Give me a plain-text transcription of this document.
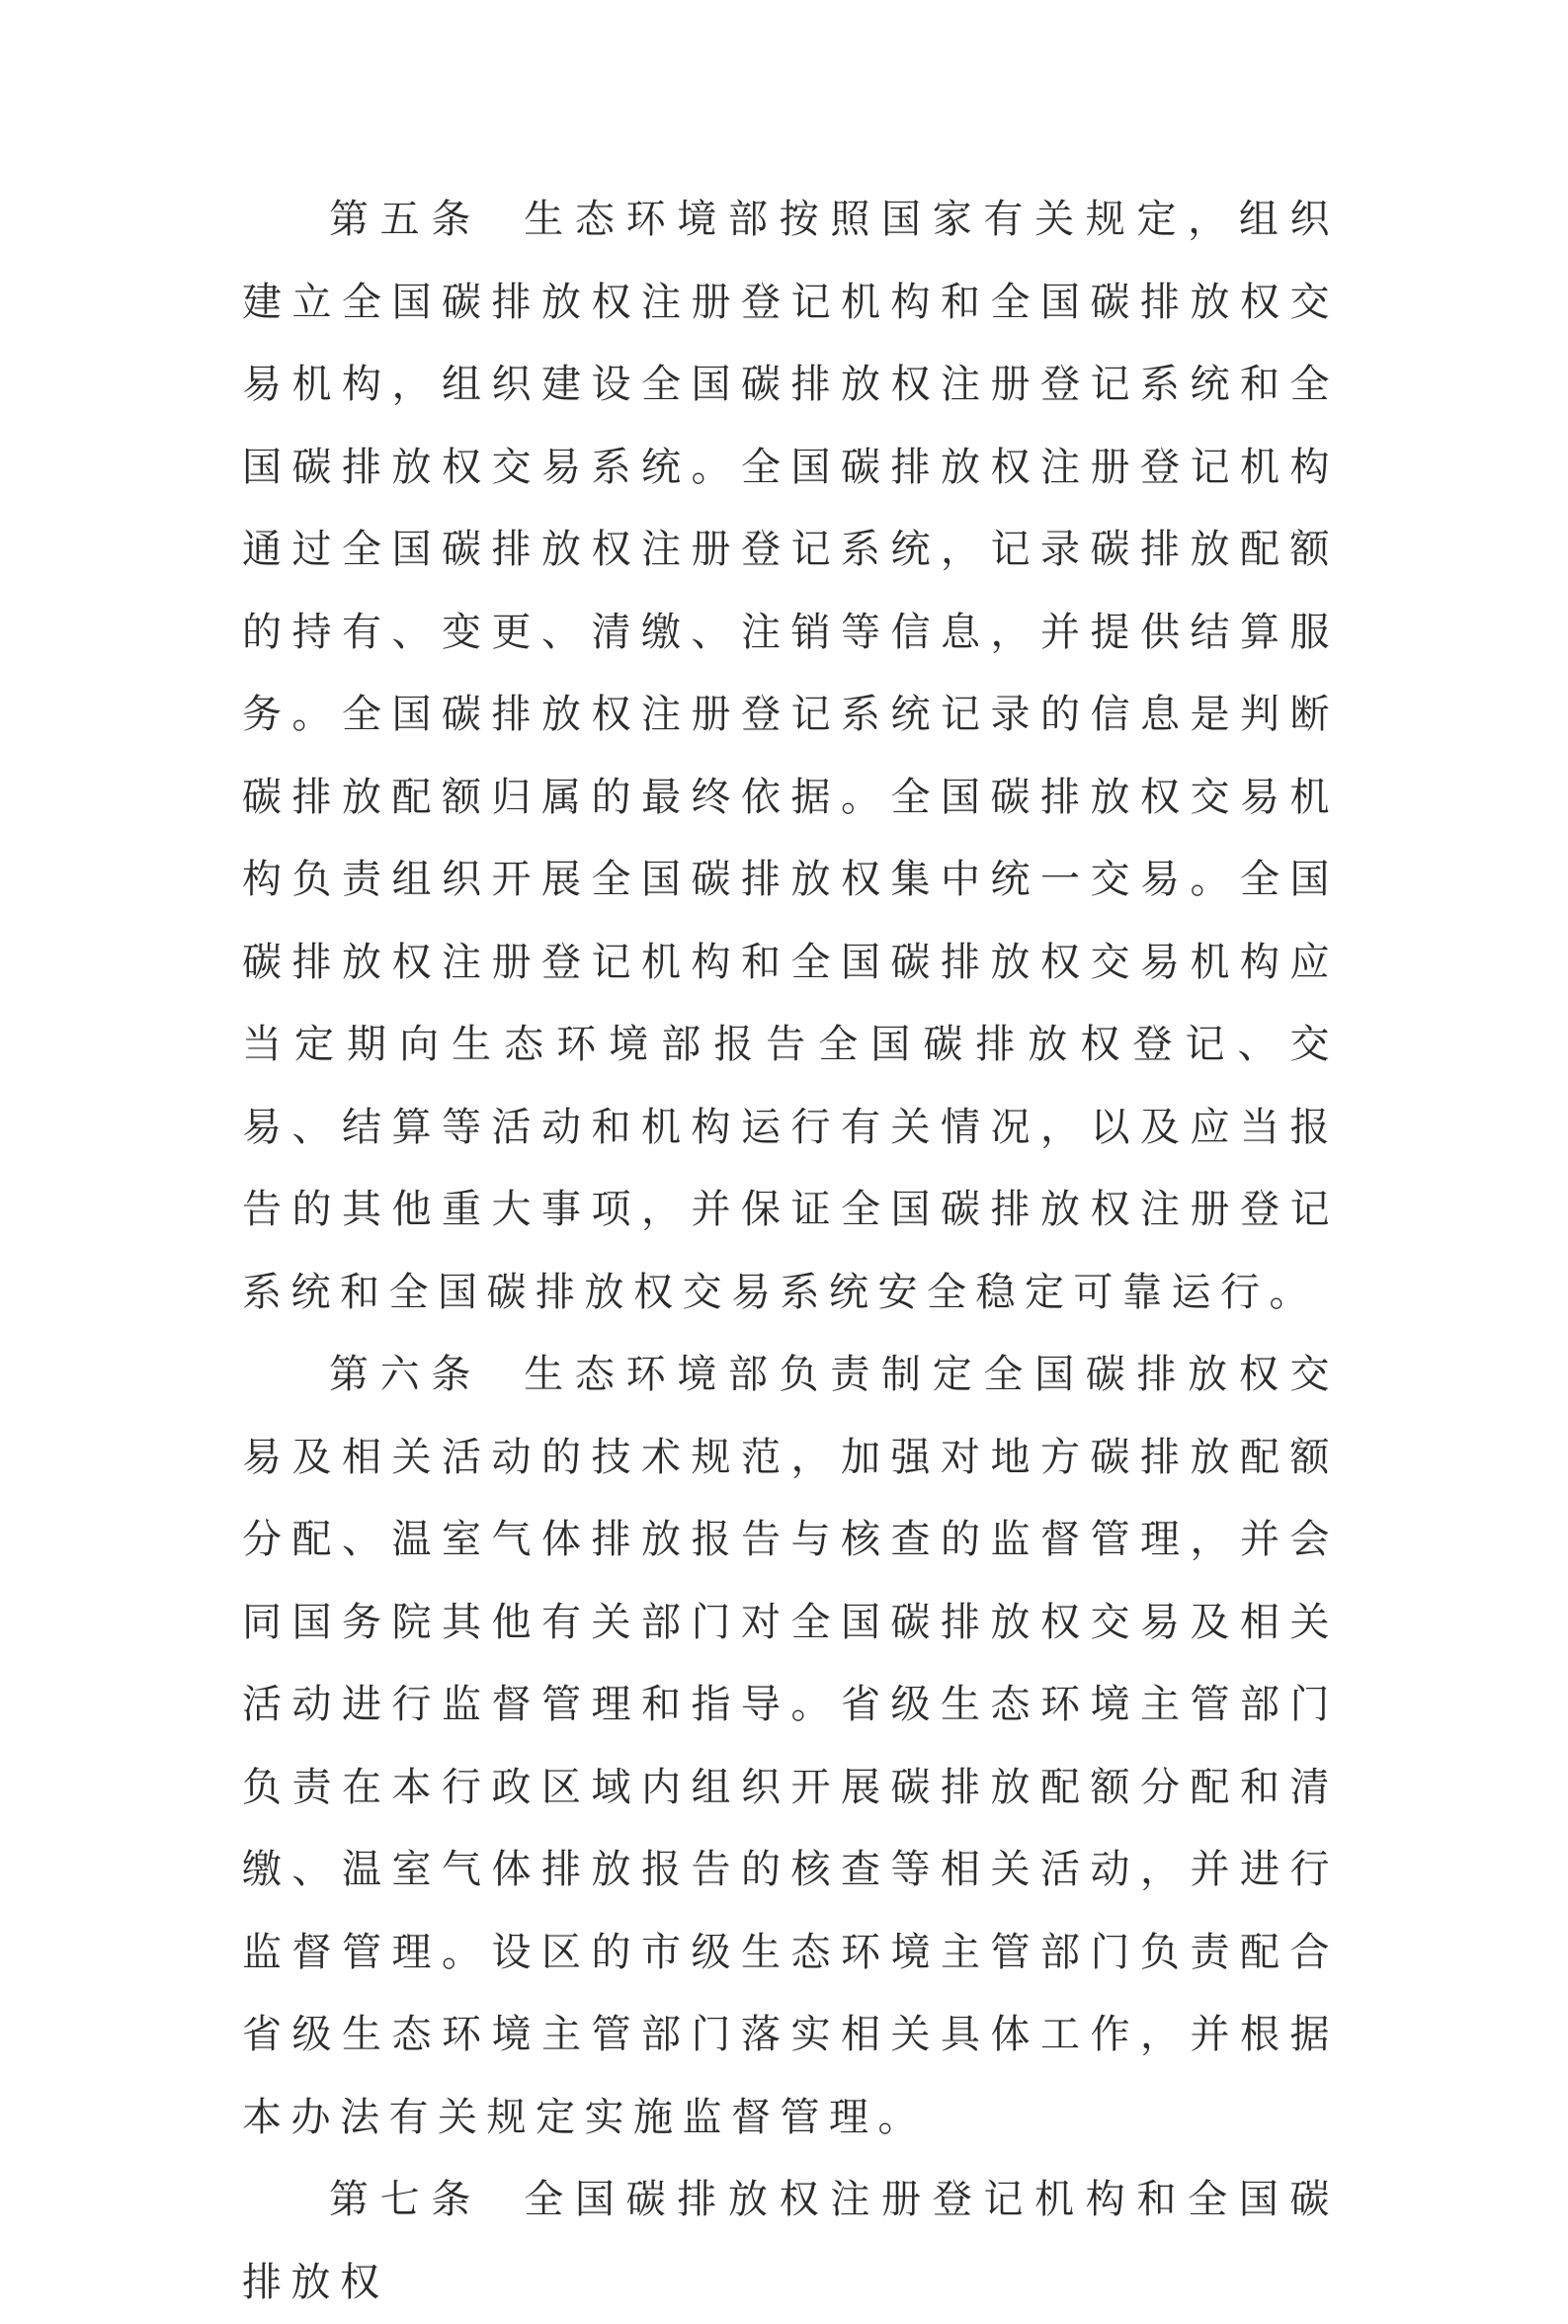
第五条 生态环境部按照国家有关规定，组织建立全国碳排放权注册登记机构和全国碳排放权交易机构，组织建设全国碳排放权注册登记系统和全国碳排放权交易系统。全国碳排放权注册登记机构通过全国碳排放权注册登记系统，记录碳排放配额的持有、变更、清缴、注销等信息，并提供结算服务。全国碳排放权注册登记系统记录的信息是判断碳排放配额归属的最终依据。全国碳排放权交易机构负责组织开展全国碳排放权集中统一交易。全国碳排放权注册登记机构和全国碳排放权交易机构应当定期向生态环境部报告全国碳排放权登记、交易、结算等活动和机构运行有关情况，以及应当报告的其他重大事项，并保证全国碳排放权注册登记系统和全国碳排放权交易系统安全稳定可靠运行。

第六条 生态环境部负责制定全国碳排放权交易及相关活动的技术规范，加强对地方碳排放配额分配、温室气体排放报告与核查的监督管理，并会同国务院其他有关部门对全国碳排放权交易及相关活动进行监督管理和指导。省级生态环境主管部门负责在本行政区域内组织开展碳排放配额分配和清缴、温室气体排放报告的核查等相关活动，并进行监督管理。设区的市级生态环境主管部门负责配合省级生态环境主管部门落实相关具体工作，并根据本办法有关规定实施监督管理。

第七条 全国碳排放权注册登记机构和全国碳排放权
